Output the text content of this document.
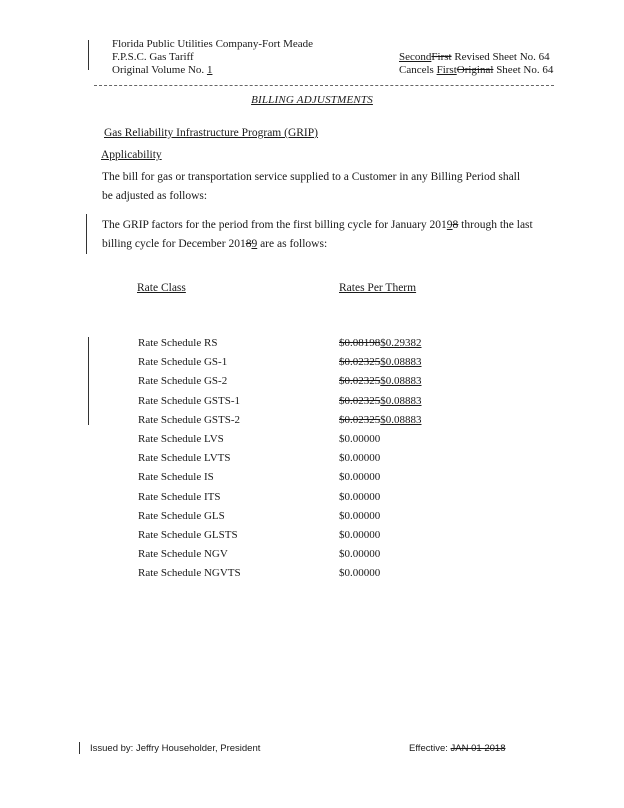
Florida Public Utilities Company-Fort Meade
F.P.S.C. Gas Tariff
Original Volume No. 1
SecondFirst Revised Sheet No. 64
Cancels FirstOriginal Sheet No. 64
BILLING ADJUSTMENTS
Gas Reliability Infrastructure Program (GRIP)
Applicability
The bill for gas or transportation service supplied to a Customer in any Billing Period shall be adjusted as follows:
The GRIP factors for the period from the first billing cycle for January 20198 through the last billing cycle for December 20189 are as follows:
Rate Class	Rates Per Therm
Rate Schedule RS	$0.08198$0.29382
Rate Schedule GS-1	$0.02325$0.08883
Rate Schedule GS-2	$0.02325$0.08883
Rate Schedule GSTS-1	$0.02325$0.08883
Rate Schedule GSTS-2	$0.02325$0.08883
Rate Schedule LVS	$0.00000
Rate Schedule LVTS	$0.00000
Rate Schedule IS	$0.00000
Rate Schedule ITS	$0.00000
Rate Schedule GLS	$0.00000
Rate Schedule GLSTS	$0.00000
Rate Schedule NGV	$0.00000
Rate Schedule NGVTS	$0.00000
Issued by: Jeffry Householder, President	Effective: JAN 01 2018
